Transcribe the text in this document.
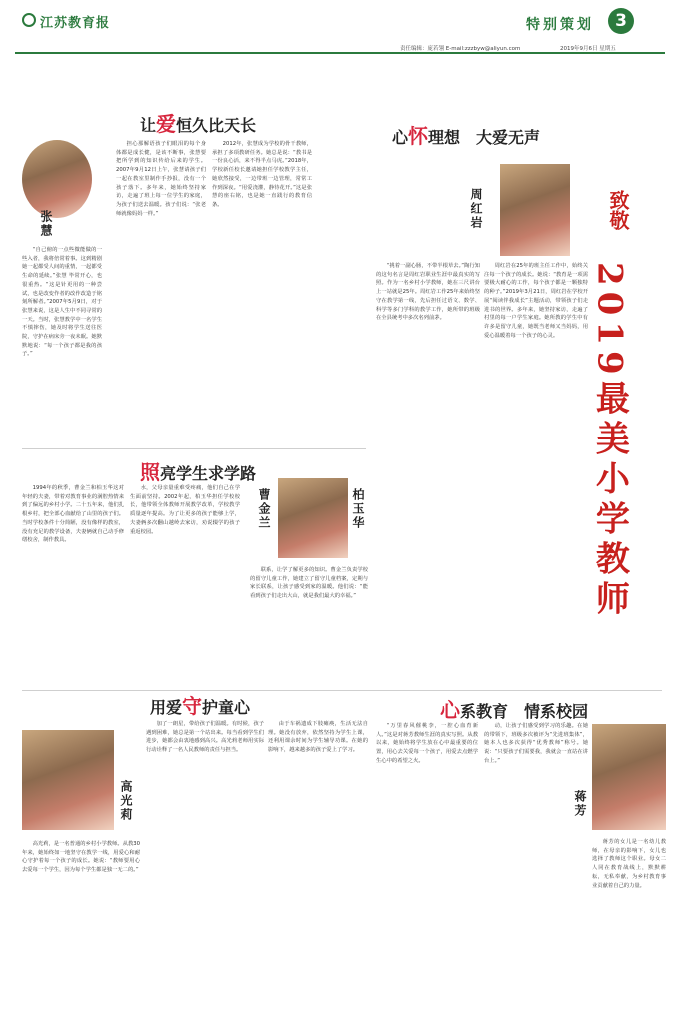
江苏教育报	特别策划	3
责任编辑：庞若翎 E-mail:zzzbyw@aliyun.com	2019年9月6日 星期五
让爱恒久比天长
张慧

“自己俯的一点些微能做的一些入者，我将倍常着事。这到精剧她一起都受人间的重情，一起都受生命的延续。”张慧 毕常开心，也很重热。“这是针更用的一种尝试，也是改变作者的改作改造于铭刻所解者。”2007年5月9日，对于张慧来说，这是人生中不同寻常的一天。当时，张慧教学中一名学生不慎摔伤，她及时将学生送往医院，守护在病床旁一夜未眠。她默默地说：“每一个孩子都是我的孩子。”

担心那解语孩子们眼泪的每个身体都是成长健，是该不断事，张慧要把所学到的知识传给后来的学生。2007年9月12日上午，张慧请孩子们一起在教室里制作手抄报，没有一个孩子落下。多年来，她始终坚持家访，走遍了班上每一位学生的家庭，为孩子们送去温暖。孩子们说：“张老师就像妈妈一样。”

2012年，张慧成为学校的骨干教师，承担了多项教研任务。她总是说：“教书是一份良心活，来不得半点马虎。”2018年，学校新任校长邀请她担任学校教学主任，她欣然接受，一边带班一边管理，常常工作到深夜。“用爱浇灌，静待花开。”这是张慧的座右铭，也是她一直践行的教育信条。

心怀理想　大爱无声
周红岩

“挑着一副心肠，不带半根草去。”陶行知的这句名言是周红岩职业生涯中最真实的写照。作为一名乡村小学教师，她在三尺讲台上一站就是25年。周红岩工作25年来始终坚守在教学第一线，先后担任过语文、数学、科学等多门学科的教学工作，她所带的班级在全县统考中多次名列前茅。

周红岩在25年的班主任工作中，始终关注每一个孩子的成长。她说：“教育是一项需要极大耐心的工作，每个孩子都是一颗独特的种子。”2019年3月21日，周红岩在学校开展“阅读伴我成长”主题活动，带领孩子们走进书的世界。多年来，她坚持家访，走遍了村里的每一户学生家庭。她所教的学生中有许多是留守儿童，她既当老师又当妈妈，用爱心温暖着每一个孩子的心灵。

致敬
2019最美小学教师
照亮学生求学路

1994年的秋季，曹金兰和柏玉华这对年轻的夫妻，带着对教育事业的满腔热情来到了偏远的乡村小学。二十五年来，他们扎根乡村，把全部心血献给了山里的孩子们。当时学校条件十分简陋，没有像样的教室，没有充足的教学设备，夫妻俩就自己动手修缮校舍，制作教具。

水，父母亲量重难受疼痛，他们自己在学生面前坚持。2002年起，柏玉华担任学校校长，他带领全体教师开展教学改革，学校教学质量逐年提高。为了让更多的孩子能够上学，夫妻俩多次翻山越岭去家访，劝说辍学的孩子重返校园。

曹金兰	柏玉华

联系，让学了解更多的知识。曹金兰负责学校的留守儿童工作，她建立了留守儿童档案，定期与家长联系，让孩子感受到家的温暖。他们说：“能看到孩子们走出大山，就是我们最大的幸福。”

用爱守护童心
高光莉

高光莉，是一名普通的乡村小学教师。从教30年来，她始终如一地坚守在教学一线，用爱心和耐心守护着每一个孩子的成长。她说：“教师要用心去爱每一个学生，因为每个学生都是独一无二的。”

加了一朗星，带给孩子们温暖。有时候，孩子遇到困难，她总是第一个站出来。每当看到学生们进步，她都会由衷地感到高兴。高光莉老师用实际行动诠释了一名人民教师的责任与担当。

由于车祸遗成下肢瘫痪，生活无法自理。她没有放弃，依然坚持为学生上课，还利用课余时间为学生辅导功课。在她的影响下，越来越多的孩子爱上了学习。

心系教育　情系校园

“万里春风催桃李，一腔心血育新人。”这是对蒋芳教师生涯的真实写照。从教以来，她始终将学生放在心中最重要的位置，用心去关爱每一个孩子，用爱去点燃学生心中的希望之火。

动，让孩子们感受到学习的乐趣。在她的带领下，班级多次被评为“先进班集体”，她本人也多次获得“优秀教师”称号。她说：“只要孩子们需要我，我就会一直站在讲台上。”

蒋芳

蒋芳的女儿是一名幼儿教师，在母亲的影响下，女儿也选择了教师这个职业。母女二人同在教育战线上，默默耕耘，无私奉献，为乡村教育事业贡献着自己的力量。
